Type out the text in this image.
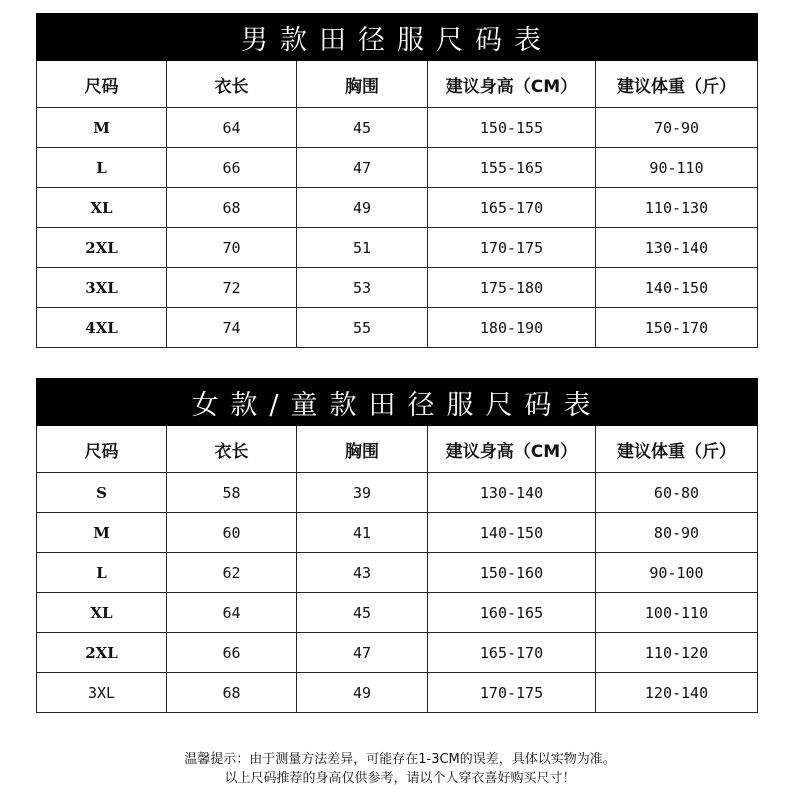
男款田径服尺码表				
尺码	衣长	胸围	建议身高（CM）	建议体重（斤）
M	64	45	150-155	70-90
L	66	47	155-165	90-110
XL	68	49	165-170	110-130
2XL	70	51	170-175	130-140
3XL	72	53	175-180	140-150
4XL	74	55	180-190	150-170
女款/童款田径服尺码表				
尺码	衣长	胸围	建议身高（CM）	建议体重（斤）
S	58	39	130-140	60-80
M	60	41	140-150	80-90
L	62	43	150-160	90-100
XL	64	45	160-165	100-110
2XL	66	47	165-170	110-120
3XL	68	49	170-175	120-140
温馨提示：由于测量方法差异，可能存在1-3CM的误差，具体以实物为准。
以上尺码推荐的身高仅供参考，请以个人穿衣喜好购买尺寸！
